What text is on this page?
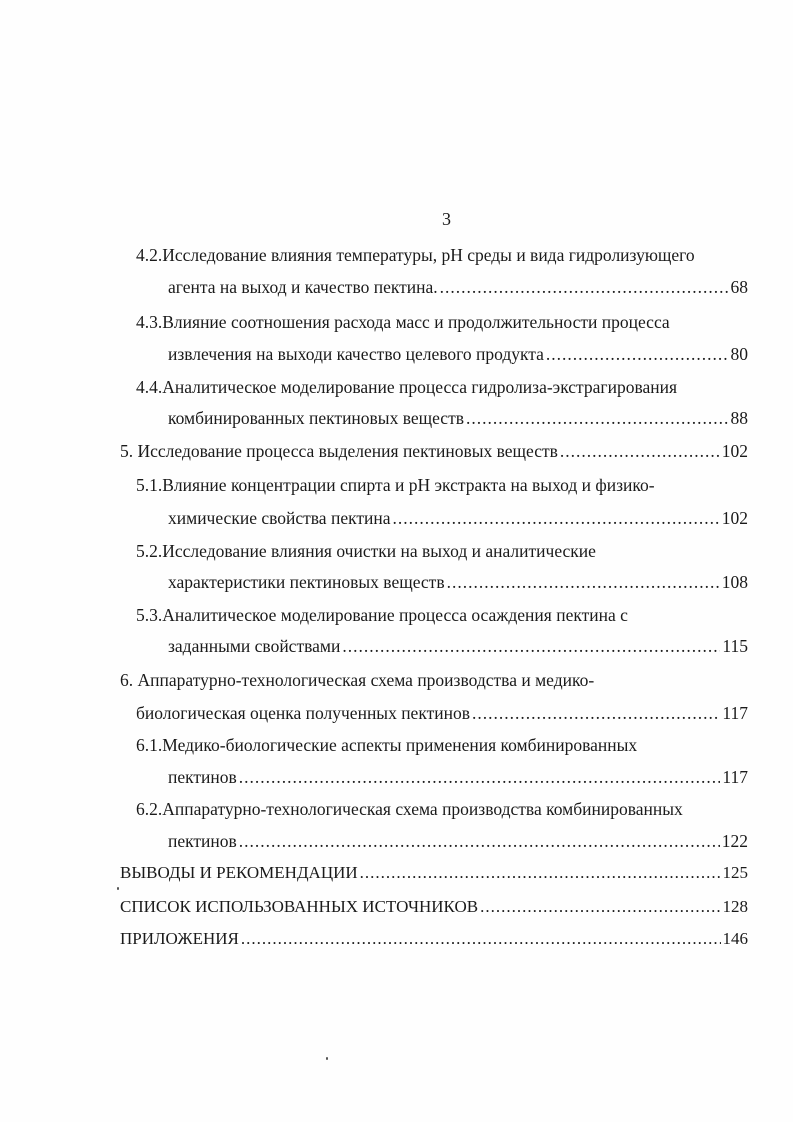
3
4.2.Исследование влияния температуры, рН среды и вида гидролизующего
агента на выход и качество пектина. .....	68
4.3.Влияние соотношения расхода масс и продолжительности процесса
извлечения на выходи качество целевого продукта .....	80
4.4.Аналитическое моделирование процесса гидролиза-экстрагирования
комбинированных пектиновых веществ .....	88
5. Исследование процесса выделения пектиновых веществ .....	102
5.1.Влияние концентрации спирта и рН экстракта на выход и физико-
химические свойства пектина .....	102
5.2.Исследование влияния очистки на выход и аналитические
характеристики пектиновых веществ .....	108
5.3.Аналитическое моделирование процесса осаждения пектина с
заданными свойствами .....	115
6. Аппаратурно-технологическая схема производства и медико-
биологическая оценка полученных пектинов .....	117
6.1.Медико-биологические аспекты применения комбинированных
пектинов .....	117
6.2.Аппаратурно-технологическая схема производства комбинированных
пектинов .....	122
ВЫВОДЫ И РЕКОМЕНДАЦИИ .....	125
СПИСОК ИСПОЛЬЗОВАННЫХ ИСТОЧНИКОВ .....	128
ПРИЛОЖЕНИЯ .....	146
